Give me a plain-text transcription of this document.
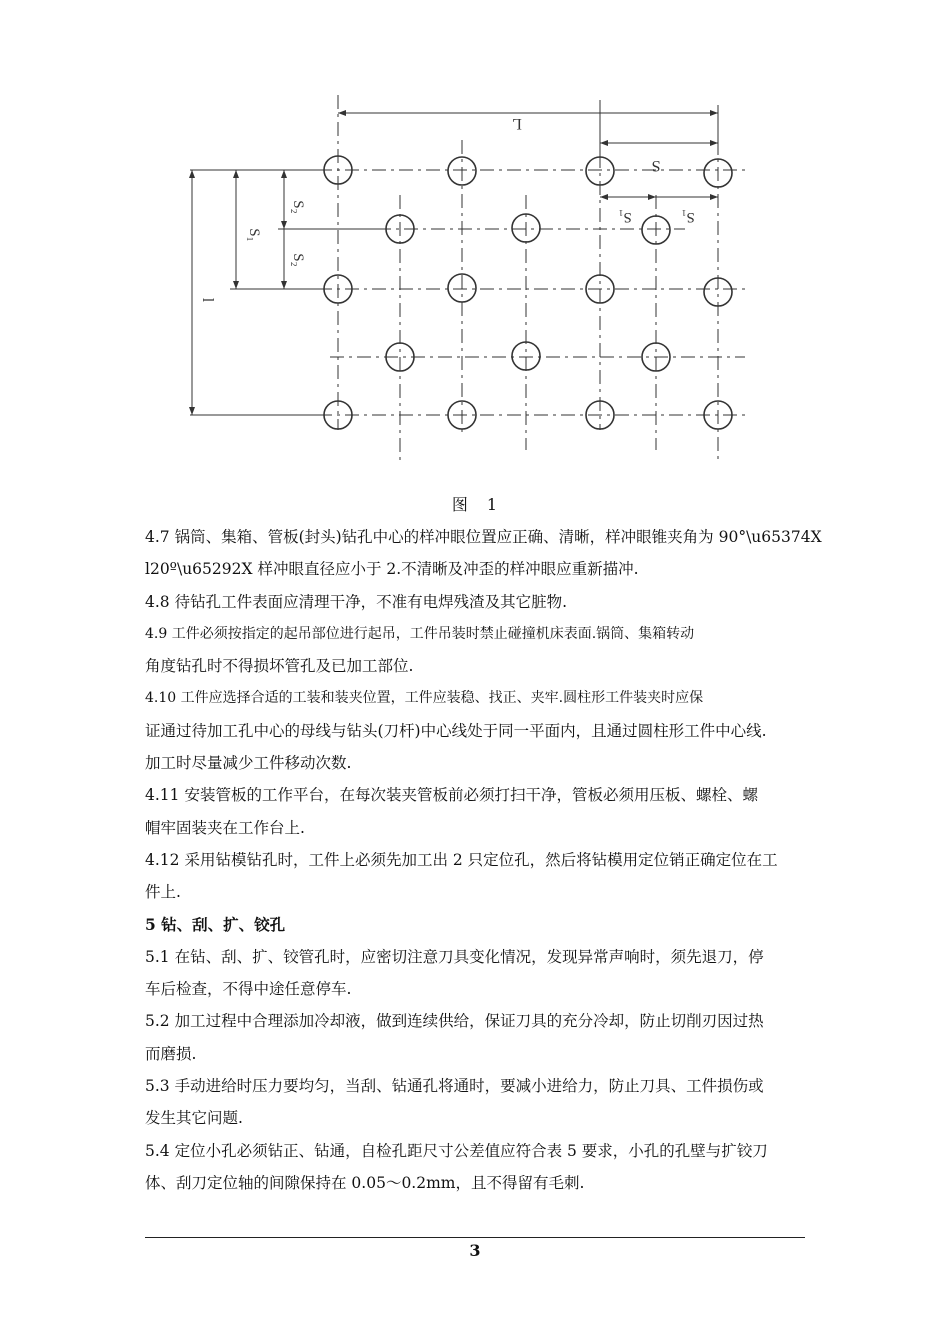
L
S
S₁
S₂
S₂
l
S₁	S₁
图 1
4.7 锅筒、集箱、管板(封头)钻孔中心的样冲眼位置应正确、清晰，样冲眼锥夹角为 90°\u65374X
l20º\u65292X 样冲眼直径应小于 2.不清晰及冲歪的样冲眼应重新描冲.
4.8 待钻孔工件表面应清理干净，不准有电焊残渣及其它脏物.
4.9 工件必须按指定的起吊部位进行起吊，工件吊装时禁止碰撞机床表面.锅筒、集箱转动
角度钻孔时不得损坏管孔及已加工部位.
4.10 工件应选择合适的工装和装夹位置，工件应装稳、找正、夹牢.圆柱形工件装夹时应保
证通过待加工孔中心的母线与钻头(刀杆)中心线处于同一平面内，且通过圆柱形工件中心线.
加工时尽量减少工件移动次数.
4.11 安装管板的工作平台，在每次装夹管板前必须打扫干净，管板必须用压板、螺栓、螺
帽牢固装夹在工作台上.
4.12 采用钻模钻孔时，工件上必须先加工出 2 只定位孔，然后将钻模用定位销正确定位在工
件上.
5 钻、刮、扩、铰孔
5.1 在钻、刮、扩、铰管孔时，应密切注意刀具变化情况，发现异常声响时，须先退刀，停
车后检查，不得中途任意停车.
5.2 加工过程中合理添加冷却液，做到连续供给，保证刀具的充分冷却，防止切削刃因过热
而磨损.
5.3 手动进给时压力要均匀，当刮、钻通孔将通时，要减小进给力，防止刀具、工件损伤或
发生其它问题.
5.4 定位小孔必须钻正、钻通，自检孔距尺寸公差值应符合表 5 要求，小孔的孔壁与扩铰刀
体、刮刀定位轴的间隙保持在 0.05～0.2mm，且不得留有毛刺.
3
